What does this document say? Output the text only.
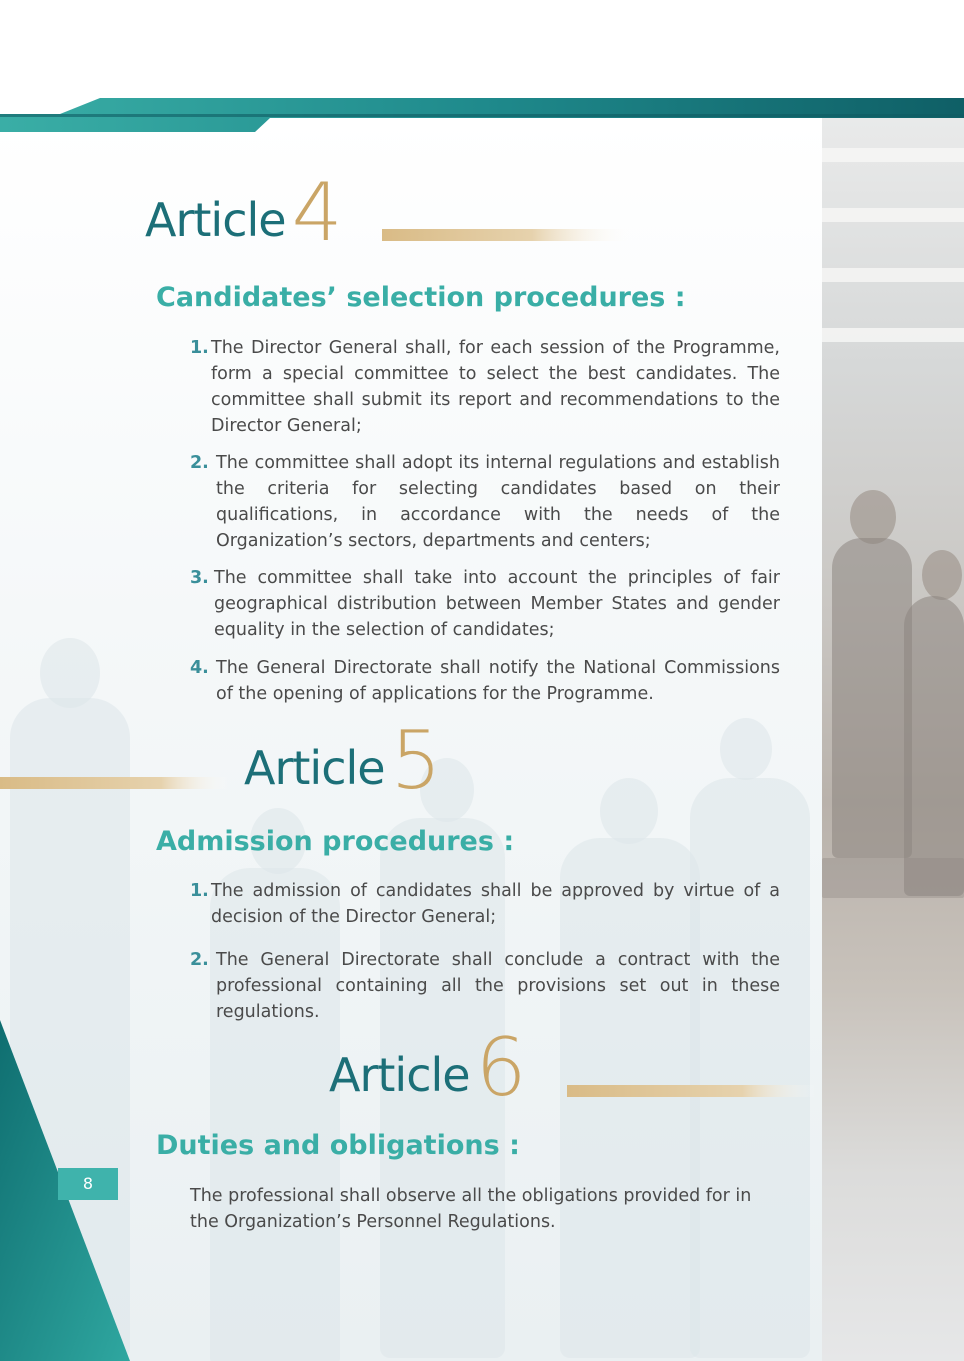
8
Article4
Candidates’ selection procedures :
1. The Director General shall, for each session of the Programme, form a special committee to select the best candidates. The committee shall submit its report and recommendations to the Director General;
2. The committee shall adopt its internal regulations and establish the criteria for selecting candidates based on their qualifications, in accordance with the needs of the Organization’s sectors, departments and centers;
3. The committee shall take into account the principles of fair geographical distribution between Member States and gender equality in the selection of candidates;
4. The General Directorate shall notify the National Commissions of the opening of applications for the Programme.
Article5
Admission procedures :
1. The admission of candidates shall be approved by virtue of a decision of the Director General;
2. The General Directorate shall conclude a contract with the professional containing all the provisions set out in these regulations.
Article6
Duties and obligations :
The professional shall observe all the obligations provided for in the Organization’s Personnel Regulations.
